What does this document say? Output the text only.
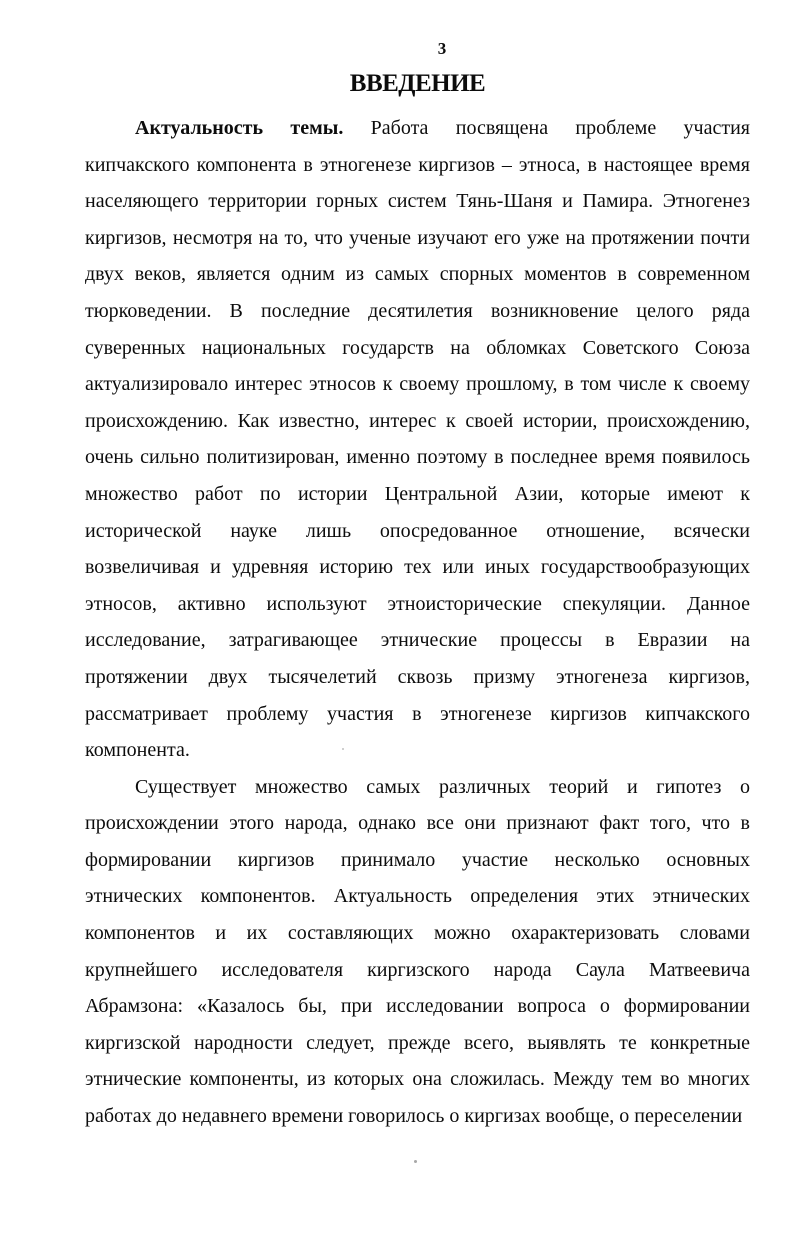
3
ВВЕДЕНИЕ
Актуальность темы. Работа посвящена проблеме участия
кипчакского компонента в этногенезе киргизов – этноса, в настоящее время
населяющего территории горных систем Тянь-Шаня и Памира. Этногенез
киргизов, несмотря на то, что ученые изучают его уже на протяжении почти
двух веков, является одним из самых спорных моментов в современном
тюрковедении. В последние десятилетия возникновение целого ряда
суверенных национальных государств на обломках Советского Союза
актуализировало интерес этносов к своему прошлому, в том числе к своему
происхождению. Как известно, интерес к своей истории, происхождению,
очень сильно политизирован, именно поэтому в последнее время появилось
множество работ по истории Центральной Азии, которые имеют к
исторической науке лишь опосредованное отношение, всячески
возвеличивая и удревняя историю тех или иных государствообразующих
этносов, активно используют этноисторические спекуляции. Данное
исследование, затрагивающее этнические процессы в Евразии на
протяжении двух тысячелетий сквозь призму этногенеза киргизов,
рассматривает проблему участия в этногенезе киргизов кипчакского
компонента.
Существует множество самых различных теорий и гипотез о
происхождении этого народа, однако все они признают факт того, что в
формировании киргизов принимало участие несколько основных
этнических компонентов. Актуальность определения этих этнических
компонентов и их составляющих можно охарактеризовать словами
крупнейшего исследователя киргизского народа Саула Матвеевича
Абрамзона: «Казалось бы, при исследовании вопроса о формировании
киргизской народности следует, прежде всего, выявлять те конкретные
этнические компоненты, из которых она сложилась. Между тем во многих
работах до недавнего времени говорилось о киргизах вообще, о переселении
